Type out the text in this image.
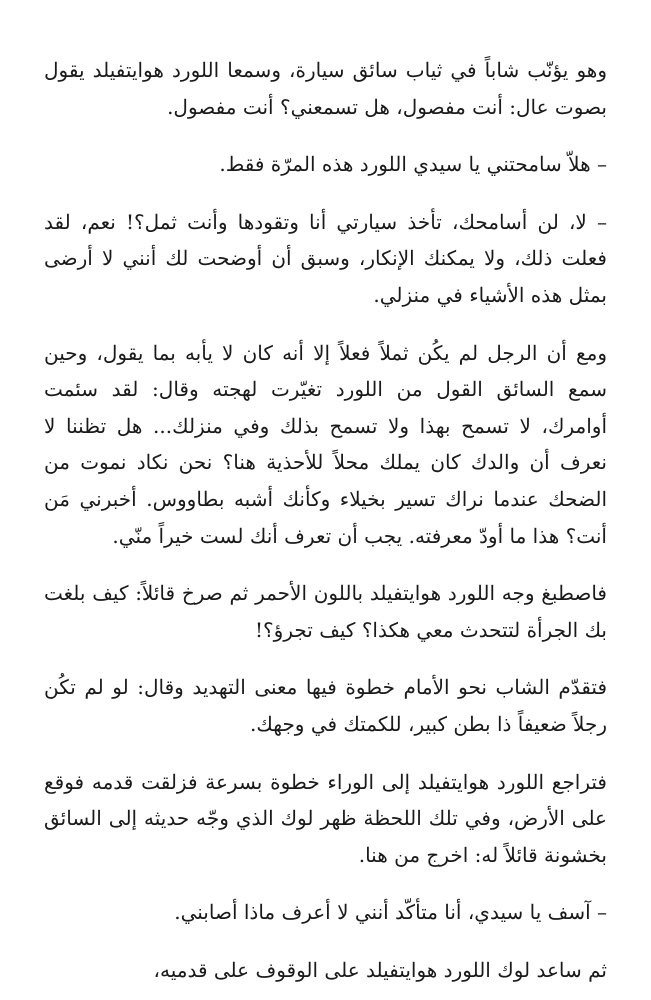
وهو يؤنّب شاباً في ثياب سائق سيارة، وسمعا اللورد هوايتفيلد يقول بصوت عال: أنت مفصول، هل تسمعني؟ أنت مفصول.

– هلاّ سامحتني يا سيدي اللورد هذه المرّة فقط.

– لا، لن أسامحك، تأخذ سيارتي أنا وتقودها وأنت ثمل؟! نعم، لقد فعلت ذلك، ولا يمكنك الإنكار، وسبق أن أوضحت لك أنني لا أرضى بمثل هذه الأشياء في منزلي.

ومع أن الرجل لم يكُن ثملاً فعلاً إلا أنه كان لا يأبه بما يقول، وحين سمع السائق القول من اللورد تغيّرت لهجته وقال: لقد سئمت أوامرك، لا تسمح بهذا ولا تسمح بذلك وفي منزلك... هل تظننا لا نعرف أن والدك كان يملك محلاً للأحذية هنا؟ نحن نكاد نموت من الضحك عندما نراك تسير بخيلاء وكأنك أشبه بطاووس. أخبرني مَن أنت؟ هذا ما أودّ معرفته. يجب أن تعرف أنك لست خيراً منّي.

فاصطبغ وجه اللورد هوايتفيلد باللون الأحمر ثم صرخ قائلاً: كيف بلغت بك الجرأة لتتحدث معي هكذا؟ كيف تجرؤ؟!

فتقدّم الشاب نحو الأمام خطوة فيها معنى التهديد وقال: لو لم تكُن رجلاً ضعيفاً ذا بطن كبير، للكمتك في وجهك.

فتراجع اللورد هوايتفيلد إلى الوراء خطوة بسرعة فزلقت قدمه فوقع على الأرض، وفي تلك اللحظة ظهر لوك الذي وجّه حديثه إلى السائق بخشونة قائلاً له: اخرج من هنا.

– آسف يا سيدي، أنا متأكّد أنني لا أعرف ماذا أصابني.

ثم ساعد لوك اللورد هوايتفيلد على الوقوف على قدميه،
